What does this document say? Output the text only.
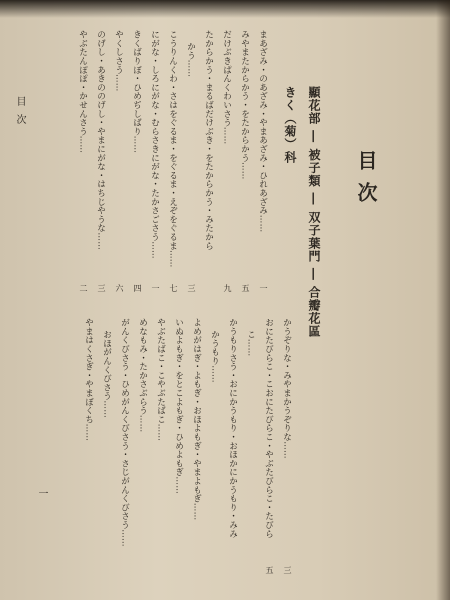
目次
顯花部 ― 被子類 ― 双子葉門 ― 合瓣花區
きく（菊）科
まあざみ・のあざみ・やまあざみ・ひれあざみ……
みやまたからかう・をたからかう……
だけぶきぱんくわいさう……
たからかう・まるばだけぶき・をたからかう・みたから
かう……
こうりんくわ・さはをぐるま・をぐるま・えぞをぐるま……
にがな・しろにがな・むらさきにがな・たかさごさう……
きくばりぼ・ひめぢしばり……
やくしさう……
のげし・あきののげし・やまにがな・はちじやうな……
やぶたんぽぽ・かせんさう……
一
五
九
三
七
一
四
六
三
二
かうぞりな・みやまかうぞりな……
おにたびらこ・こおにたびらこ・やぶたびらこ・たびら
こ……
かうもりさう・おにかうもり・おほかにかうもり・みみ
かうもり……
よめがはぎ・よもぎ・おほよもぎ・やまよもぎ……
いぬよもぎ・をとこよもぎ・ひめよもぎ……
やぶたばこ・こやぶたばこ……
めなもみ・たかさぶらう……
がんくびさう・ひめがんくびさう・さじがんくびさう……
おほがんくびさう……
やまはくさぎ・やまぼくち……
三
五
目次
一
